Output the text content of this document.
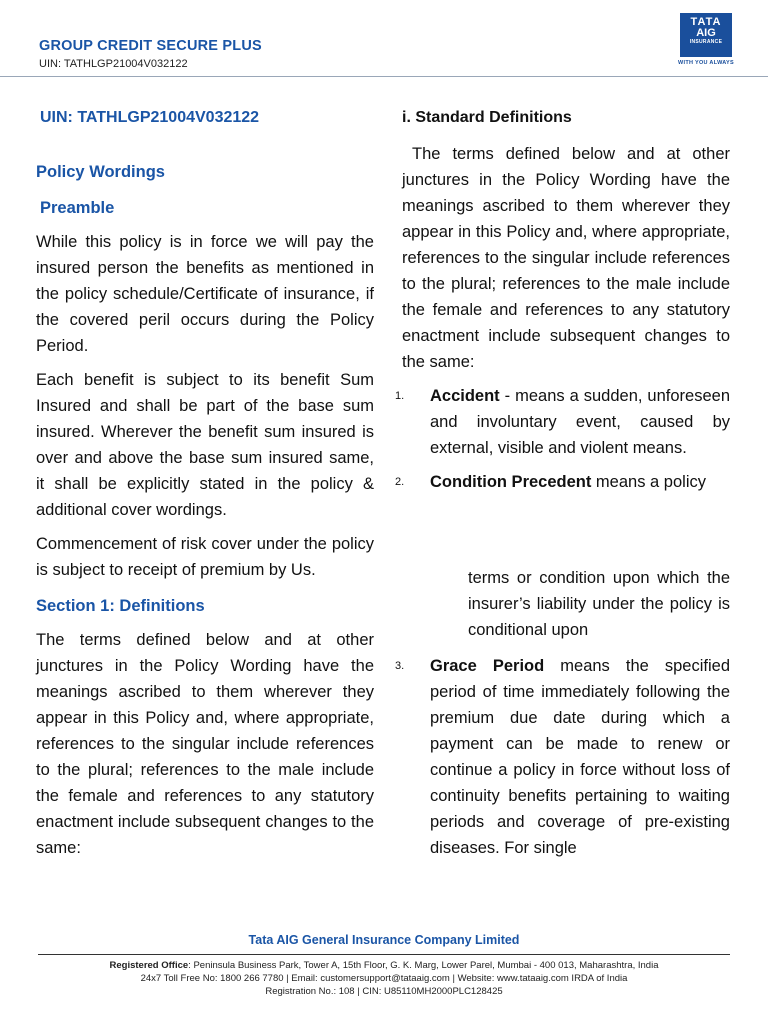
GROUP CREDIT SECURE PLUS
UIN: TATHLGP21004V032122
TATA
AIG
INSURANCE
WITH YOU ALWAYS
UIN: TATHLGP21004V032122
Policy Wordings
Preamble

While this policy is in force we will pay the insured person the benefits as mentioned in the policy schedule/Certificate of insurance, if the covered peril occurs during the Policy Period.

Each benefit is subject to its benefit Sum Insured and shall be part of the base sum insured. Wherever the benefit sum insured is over and above the base sum insured same, it shall be explicitly stated in the policy & additional cover wordings.

Commencement of risk cover under the policy is subject to receipt of premium by Us.

Section 1: Definitions

The terms defined below and at other junctures in the Policy Wording have the meanings ascribed to them wherever they appear in this Policy and, where appropriate, references to the singular include references to the plural; references to the male include the female and references to any statutory enactment include subsequent changes to the same:

i. Standard Definitions

The terms defined below and at other junctures in the Policy Wording have the meanings ascribed to them wherever they appear in this Policy and, where appropriate, references to the singular include references to the plural; references to the male include the female and references to any statutory enactment include subsequent changes to the same:

1. Accident - means a sudden, unforeseen and involuntary event, caused by external, visible and violent means.
2. Condition Precedent means a policy

terms or condition upon which the insurer’s liability under the policy is conditional upon

3. Grace Period means the specified period of time immediately following the premium due date during which a payment can be made to renew or continue a policy in force without loss of continuity benefits pertaining to waiting periods and coverage of pre-existing diseases. For single
Tata AIG General Insurance Company Limited
Registered Office: Peninsula Business Park, Tower A, 15th Floor, G. K. Marg, Lower Parel, Mumbai - 400 013, Maharashtra, India
24x7 Toll Free No: 1800 266 7780 | Email: customersupport@tataaig.com | Website: www.tataaig.com IRDA of India
Registration No.: 108 | CIN: U85110MH2000PLC128425
